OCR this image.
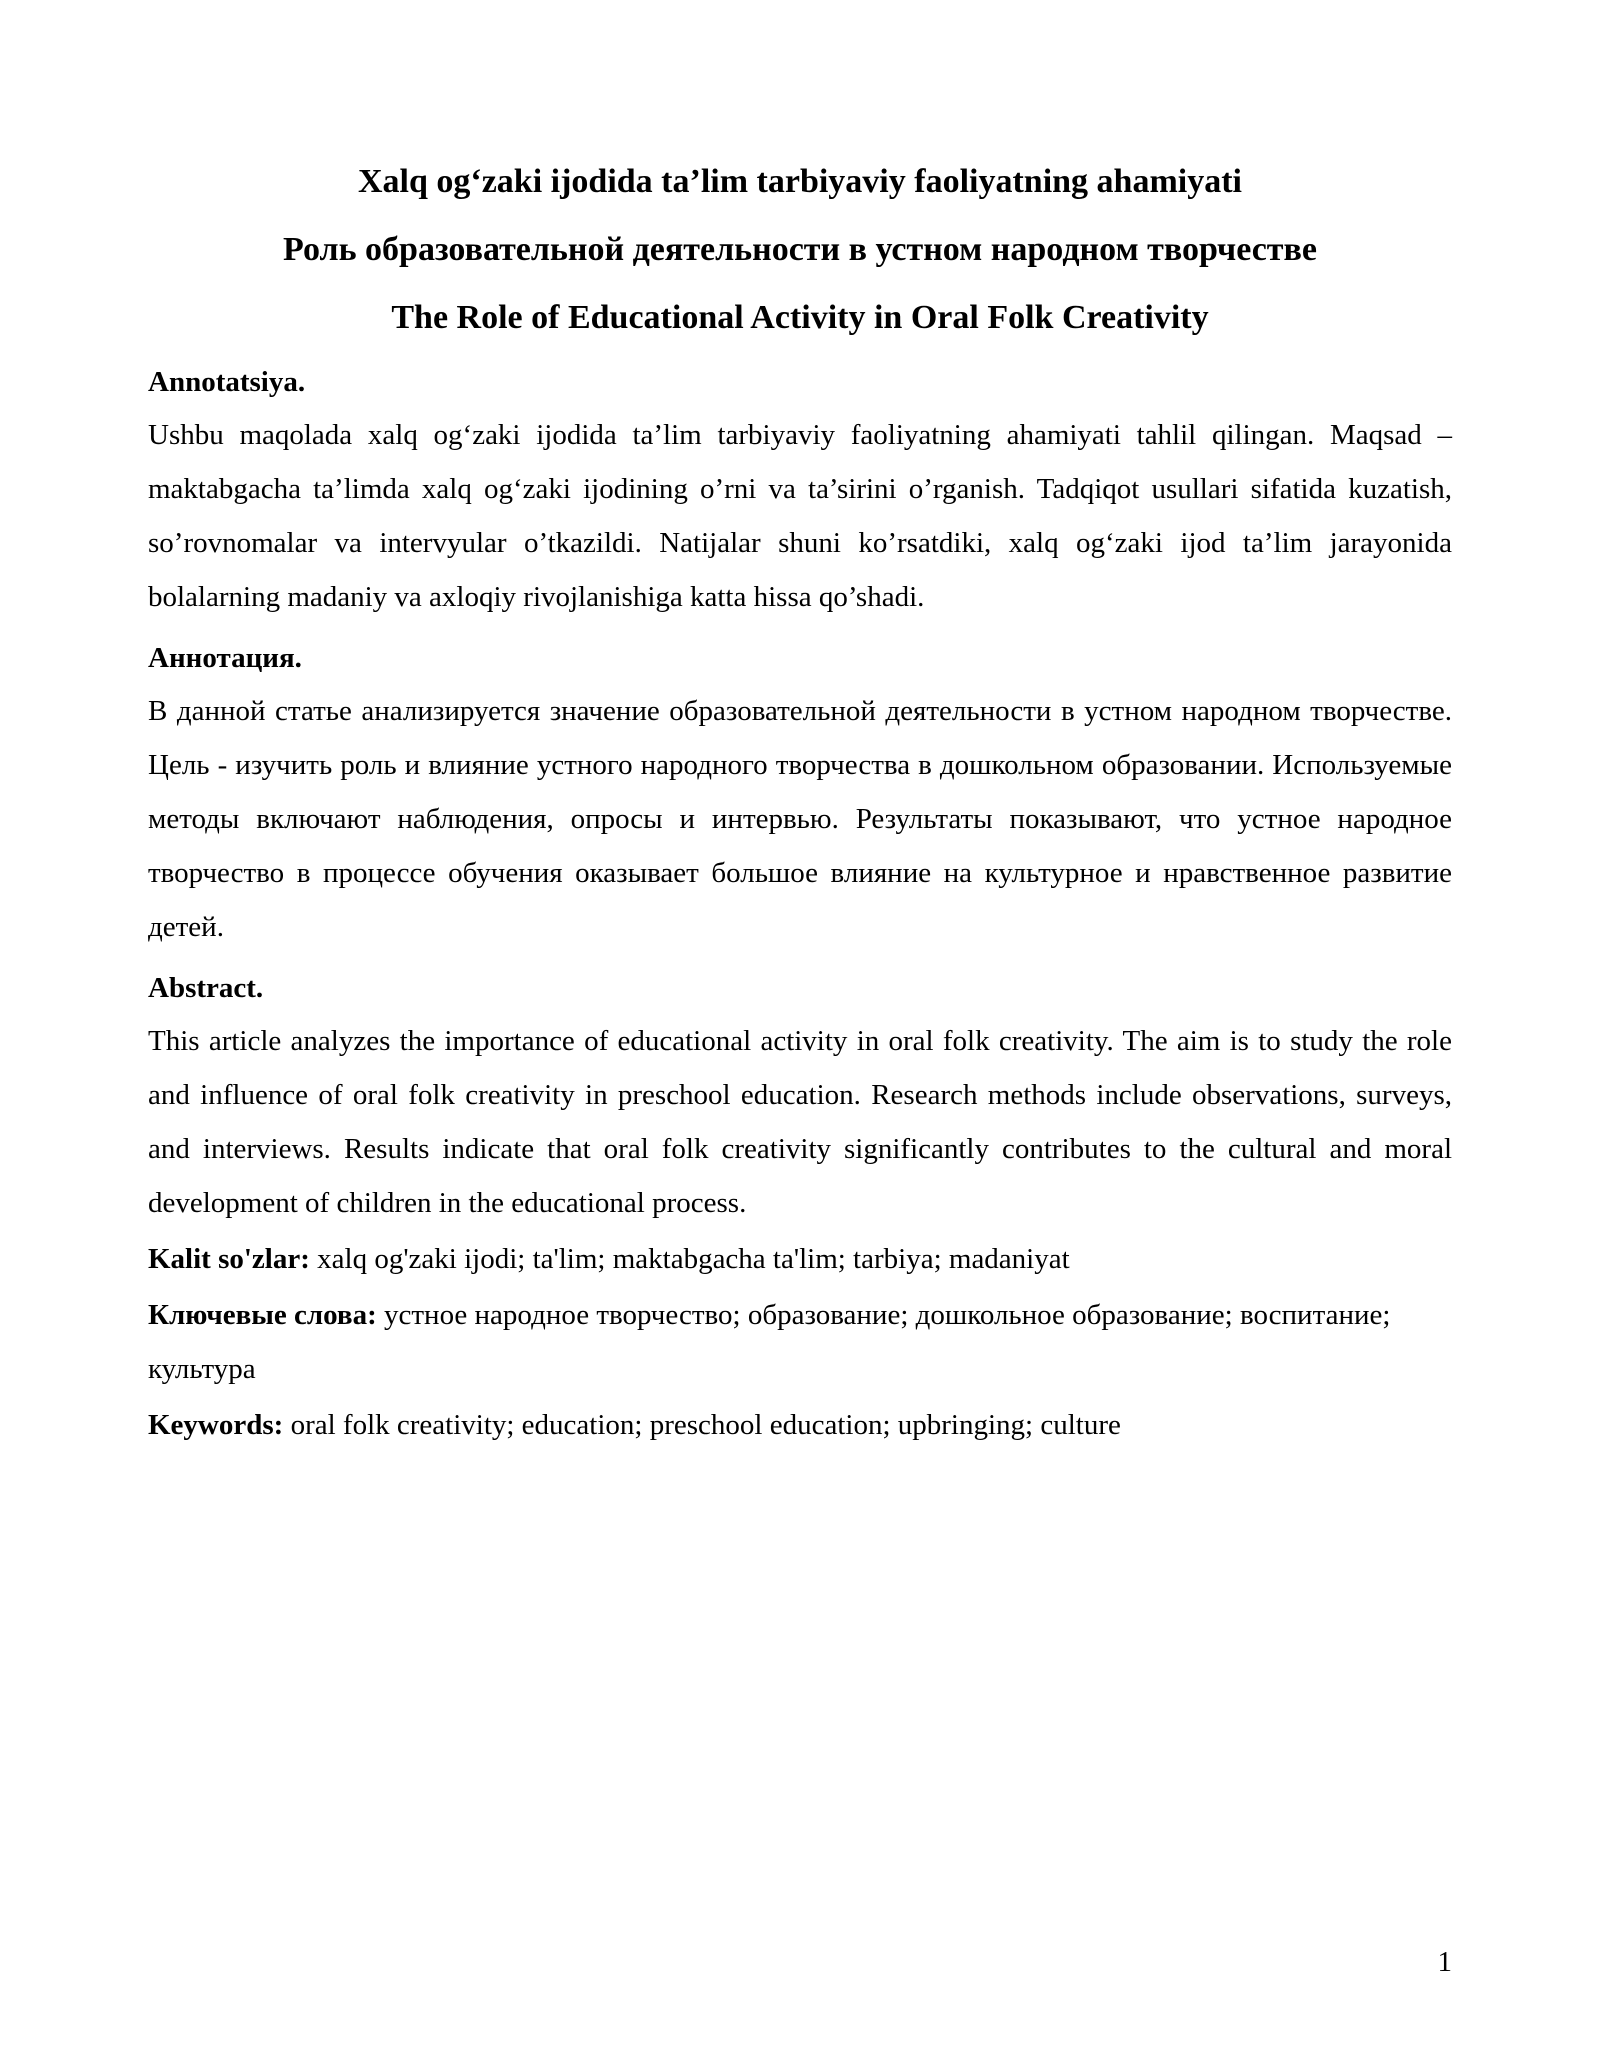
Xalq og‘zaki ijodida ta’lim tarbiyaviy faoliyatning ahamiyati
Роль образовательной деятельности в устном народном творчестве
The Role of Educational Activity in Oral Folk Creativity

Annotatsiya.

Ushbu maqolada xalq og‘zaki ijodida ta’lim tarbiyaviy faoliyatning ahamiyati tahlil qilingan. Maqsad – maktabgacha ta’limda xalq og‘zaki ijodining o’rni va ta’sirini o’rganish. Tadqiqot usullari sifatida kuzatish, so’rovnomalar va intervyular o’tkazildi. Natijalar shuni ko’rsatdiki, xalq og‘zaki ijod ta’lim jarayonida bolalarning madaniy va axloqiy rivojlanishiga katta hissa qo’shadi.

Аннотация.

В данной статье анализируется значение образовательной деятельности в устном народном творчестве. Цель - изучить роль и влияние устного народного творчества в дошкольном образовании. Используемые методы включают наблюдения, опросы и интервью. Результаты показывают, что устное народное творчество в процессе обучения оказывает большое влияние на культурное и нравственное развитие детей.

Abstract.

This article analyzes the importance of educational activity in oral folk creativity. The aim is to study the role and influence of oral folk creativity in preschool education. Research methods include observations, surveys, and interviews. Results indicate that oral folk creativity significantly contributes to the cultural and moral development of children in the educational process.

Kalit so'zlar: xalq og'zaki ijodi; ta'lim; maktabgacha ta'lim; tarbiya; madaniyat

Ключевые слова: устное народное творчество; образование; дошкольное образование; воспитание; культура

Keywords: oral folk creativity; education; preschool education; upbringing; culture

1
